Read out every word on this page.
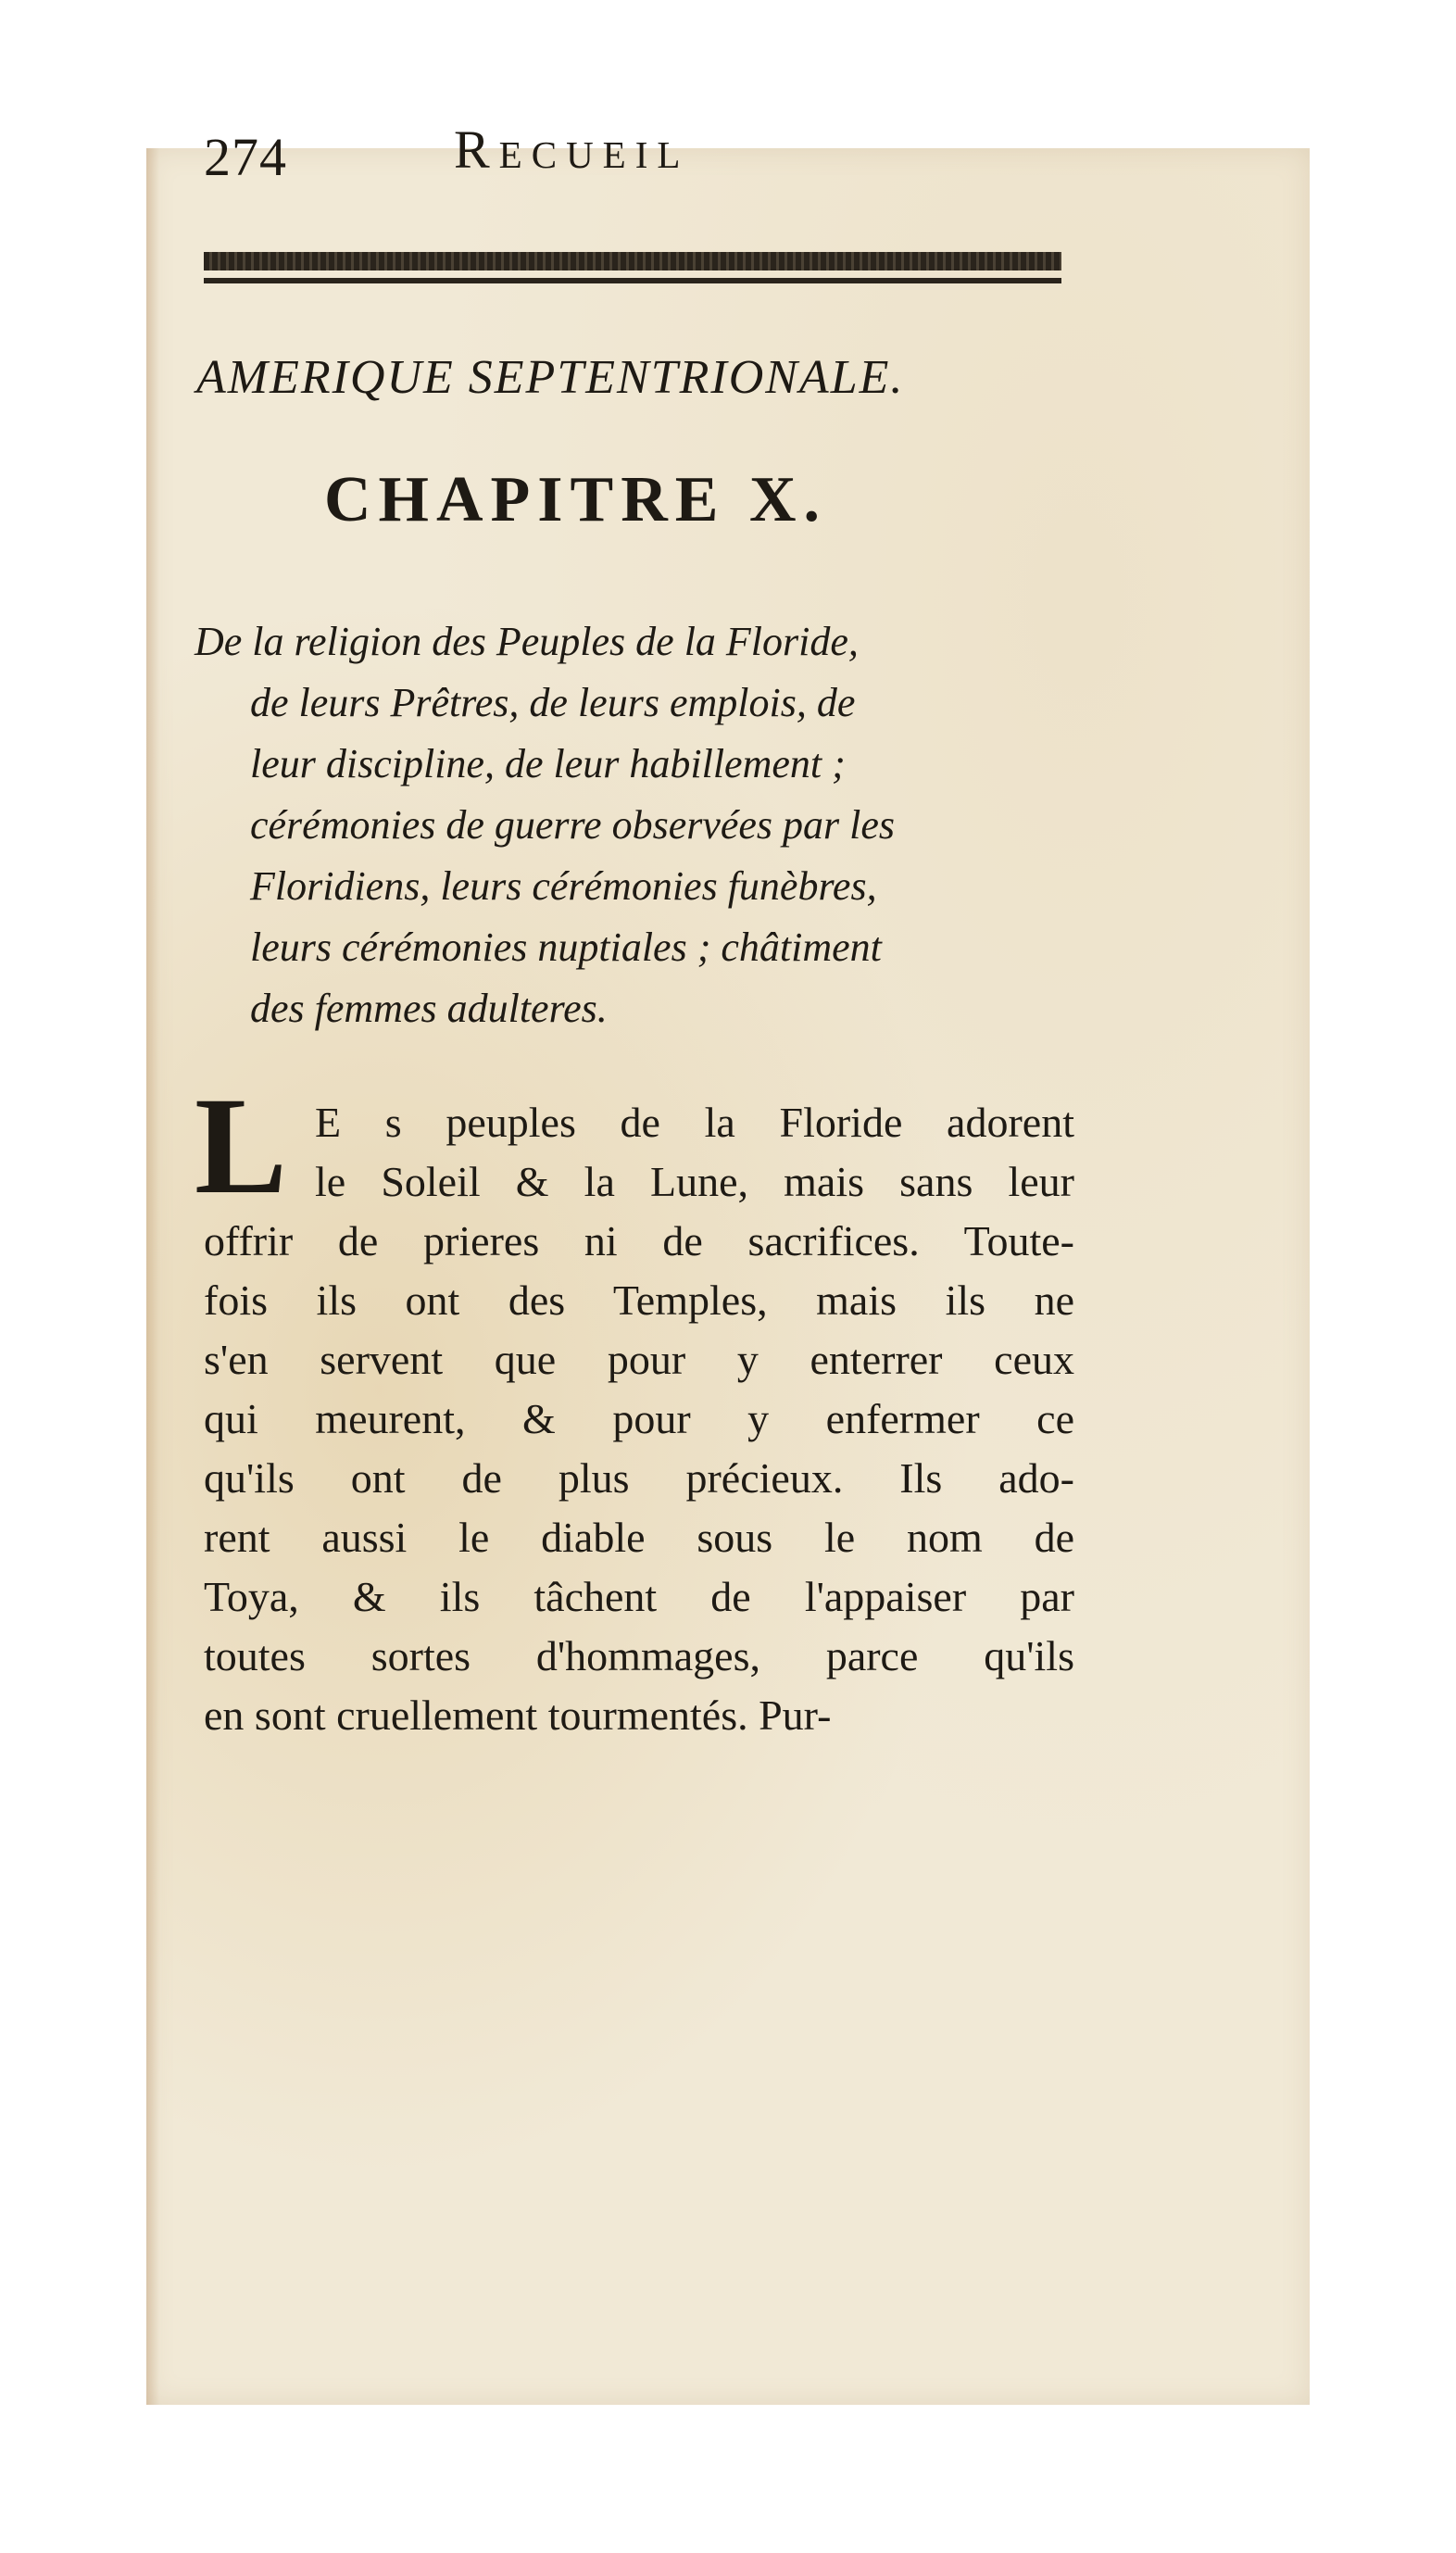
274	Recueil
AMERIQUE SEPTENTRIONALE.
CHAPITRE X.
De la religion des Peuples de la Floride,
de leurs Prêtres, de leurs emplois, de
leur discipline, de leur habillement ;
cérémonies de guerre observées par les
Floridiens, leurs cérémonies funèbres,
leurs cérémonies nuptiales ; châtiment
des femmes adulteres.
L E s peuples de la Floride adorent
le Soleil & la Lune, mais sans leur
offrir de prieres ni de sacrifices. Toute-
fois ils ont des Temples, mais ils ne
s'en servent que pour y enterrer ceux
qui meurent, & pour y enfermer ce
qu'ils ont de plus précieux. Ils ado-
rent aussi le diable sous le nom de
Toya, & ils tâchent de l'appaiser par
toutes sortes d'hommages, parce qu'ils
en sont cruellement tourmentés. Pur-
